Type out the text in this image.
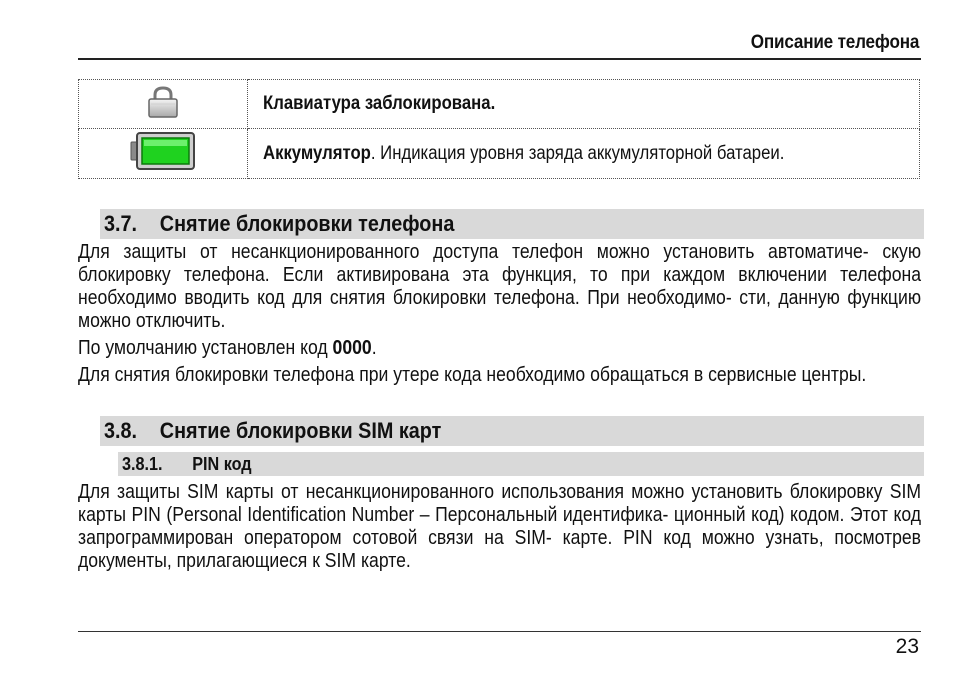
Описание телефона
	Клавиатура заблокирована.
	Аккумулятор. Индикация уровня заряда аккумуляторной батареи.
3.7. Снятие блокировки телефона
Для защиты от несанкционированного доступа телефон можно установить автоматиче- скую блокировку телефона. Если активирована эта функция, то при каждом включении телефона необходимо вводить код для снятия блокировки телефона. При необходимо- сти, данную функцию можно отключить.
По умолчанию установлен код 0000.
Для снятия блокировки телефона при утере кода необходимо обращаться в сервисные центры.
3.8. Снятие блокировки SIM карт
3.8.1. PIN код
Для защиты SIM карты от несанкционированного использования можно установить блокировку SIM карты PIN (Personal Identification Number – Персональный идентифика- ционный код) кодом. Этот код запрограммирован оператором сотовой связи на SIM- карте. PIN код можно узнать, посмотрев документы, прилагающиеся к SIM карте.
23
